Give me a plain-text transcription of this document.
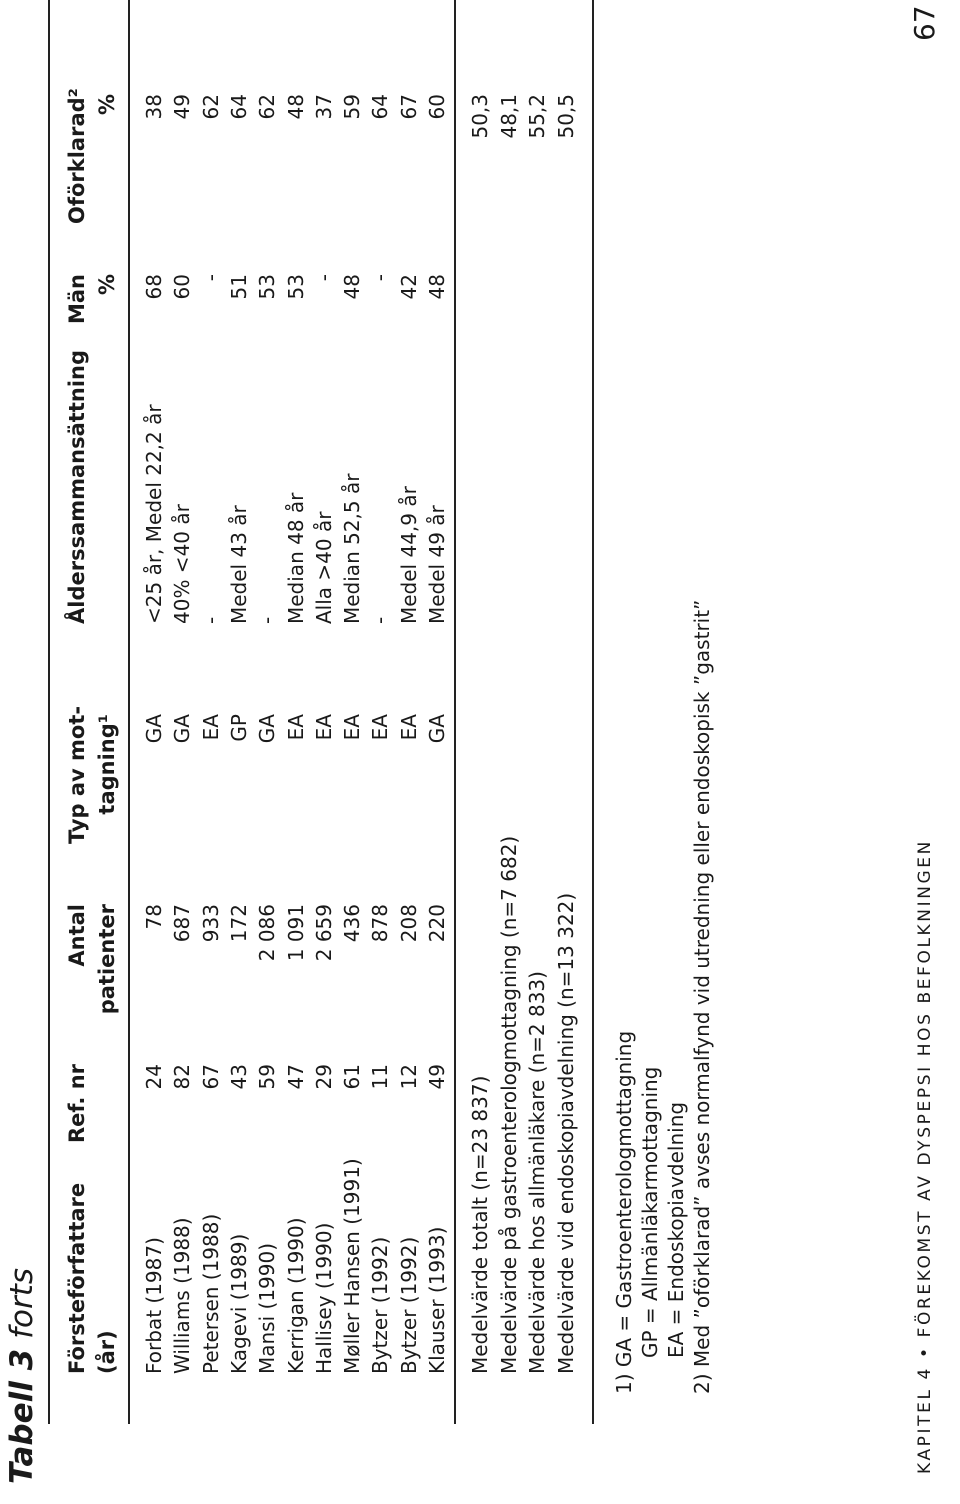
Tabell 3 forts Försteförfattare (år)
Ref. nr
Antal patienter
Typ av mot- tagning¹
Ålderssammansättning
Män %
Oförklarad² %
Forbat (1987)
24
78
GA
<25 år, Medel 22,2 år
68
38
Williams (1988)
82
687
GA
40% <40 år
60
49
Petersen (1988)
67
933
EA
-
-
62
Kagevi (1989)
43
172
GP
Medel 43 år
51
64
Mansi (1990)
59
2 086
GA
-
53
62
Kerrigan (1990)
47
1 091
EA
Median 48 år
53
48
Hallisey (1990)
29
2 659
EA
Alla >40 år
-
37
Møller Hansen (1991)
61
436
EA
Median 52,5 år
48
59
Bytzer (1992)
11
878
EA
-
-
64
Bytzer (1992)
12
208
EA
Medel 44,9 år
42
67
Klauser (1993)
49
220
GA
Medel 49 år
48
60
Medelvärde totalt (n=23 837)
50,3
Medelvärde på gastroenterologmottagning (n=7 682)
48,1
Medelvärde hos allmänläkare (n=2 833)
55,2
Medelvärde vid endoskopiavdelning (n=13 322)
50,5
1) GA = Gastroenterologmottagning GP = Allmänläkarmottagning EA = Endoskopiavdelning 2) Med ”oförklarad” avses normalfynd vid utredning eller endoskopisk ”gastrit”	KAPITEL 4 • FÖREKOMST AV DYSPEPSI HOS BEFOLKNINGEN
67
